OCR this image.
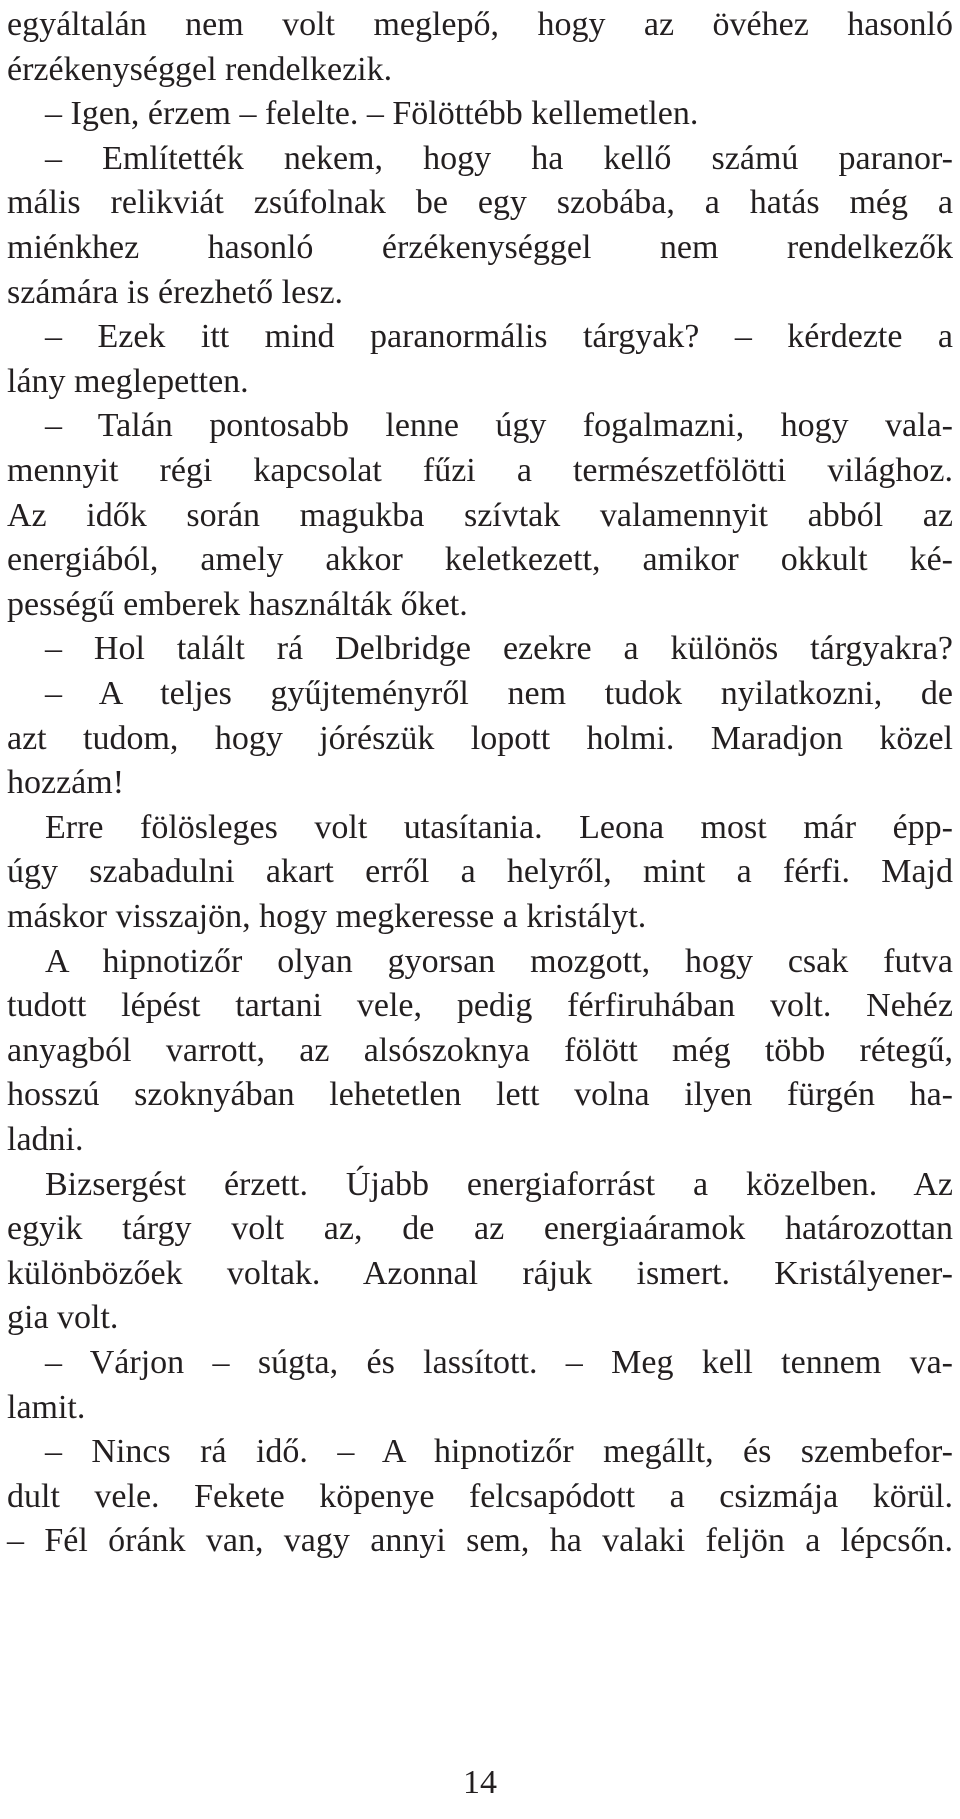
egyáltalán nem volt meglepő, hogy az övéhez hasonló
érzékenységgel rendelkezik.
– Igen, érzem – felelte. – Fölöttébb kellemetlen.
– Említették nekem, hogy ha kellő számú paranor-
mális relikviát zsúfolnak be egy szobába, a hatás még a
miénkhez hasonló érzékenységgel nem rendelkezők
számára is érezhető lesz.
– Ezek itt mind paranormális tárgyak? – kérdezte a
lány meglepetten.
– Talán pontosabb lenne úgy fogalmazni, hogy vala-
mennyit régi kapcsolat fűzi a természetfölötti világhoz.
Az idők során magukba szívtak valamennyit abból az
energiából, amely akkor keletkezett, amikor okkult ké-
pességű emberek használták őket.
– Hol talált rá Delbridge ezekre a különös tárgyakra?
– A teljes gyűjteményről nem tudok nyilatkozni, de
azt tudom, hogy jórészük lopott holmi. Maradjon közel
hozzám!
Erre fölösleges volt utasítania. Leona most már épp-
úgy szabadulni akart erről a helyről, mint a férfi. Majd
máskor visszajön, hogy megkeresse a kristályt.
A hipnotizőr olyan gyorsan mozgott, hogy csak futva
tudott lépést tartani vele, pedig férfiruhában volt. Nehéz
anyagból varrott, az alsószoknya fölött még több rétegű,
hosszú szoknyában lehetetlen lett volna ilyen fürgén ha-
ladni.
Bizsergést érzett. Újabb energiaforrást a közelben. Az
egyik tárgy volt az, de az energiaáramok határozottan
különbözőek voltak. Azonnal rájuk ismert. Kristályener-
gia volt.
– Várjon – súgta, és lassított. – Meg kell tennem va-
lamit.
– Nincs rá idő. – A hipnotizőr megállt, és szembefor-
dult vele. Fekete köpenye felcsapódott a csizmája körül.
– Fél óránk van, vagy annyi sem, ha valaki feljön a lépcsőn.
14
